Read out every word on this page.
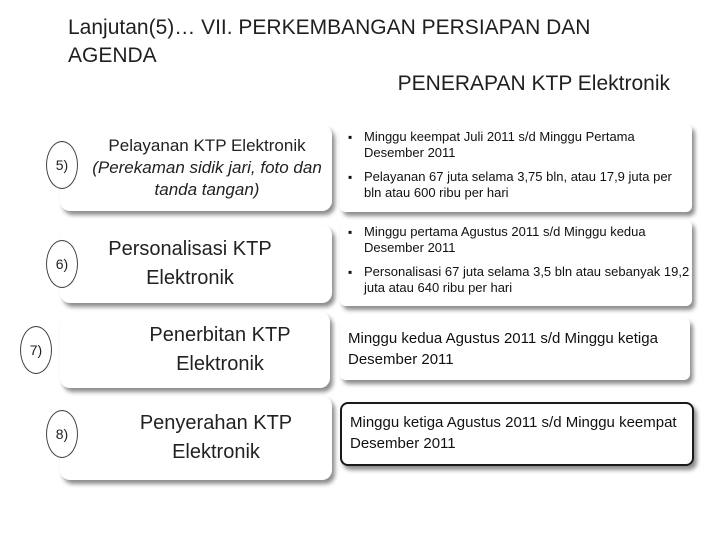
Lanjutan(5)… VII. PERKEMBANGAN PERSIAPAN DAN AGENDA
PENERAPAN KTP Elektronik
Pelayanan KTP Elektronik
(Perekaman sidik jari, foto dan tanda tangan)
5)
▪ Minggu keempat Juli 2011 s/d Minggu Pertama Desember 2011
▪ Pelayanan 67 juta selama 3,75 bln, atau 17,9 juta per bln atau 600 ribu per hari
Personalisasi KTP Elektronik
6)
▪ Minggu pertama Agustus 2011 s/d Minggu kedua Desember 2011
▪ Personalisasi 67 juta selama 3,5 bln atau sebanyak 19,2 juta atau 640 ribu per hari
Penerbitan KTP Elektronik
7)
Minggu kedua Agustus 2011 s/d Minggu ketiga Desember 2011
Penyerahan KTP Elektronik
8)
Minggu ketiga Agustus 2011 s/d Minggu keempat Desember 2011
